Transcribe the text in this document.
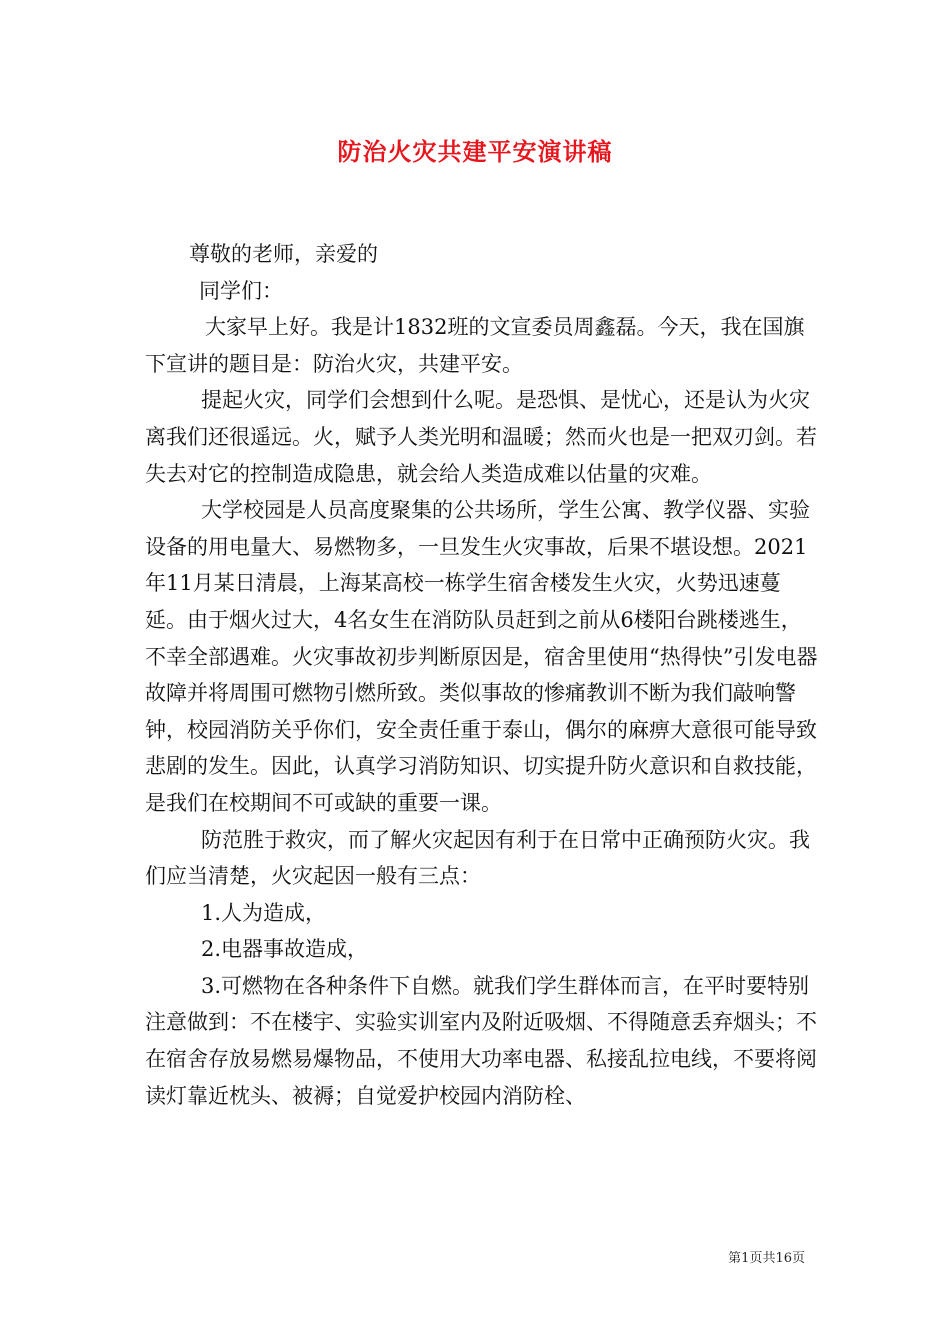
防治火灾共建平安演讲稿

尊敬的老师，亲爱的

同学们：

大家早上好。我是计1832班的文宣委员周鑫磊。今天，我在国旗下宣讲的题目是：防治火灾，共建平安。

提起火灾，同学们会想到什么呢。是恐惧、是忧心，还是认为火灾离我们还很遥远。火，赋予人类光明和温暖；然而火也是一把双刃剑。若失去对它的控制造成隐患，就会给人类造成难以估量的灾难。

大学校园是人员高度聚集的公共场所，学生公寓、教学仪器、实验设备的用电量大、易燃物多，一旦发生火灾事故，后果不堪设想。2021年11月某日清晨，上海某高校一栋学生宿舍楼发生火灾，火势迅速蔓延。由于烟火过大，4名女生在消防队员赶到之前从6楼阳台跳楼逃生，不幸全部遇难。火灾事故初步判断原因是，宿舍里使用“热得快”引发电器故障并将周围可燃物引燃所致。类似事故的惨痛教训不断为我们敲响警钟，校园消防关乎你们，安全责任重于泰山，偶尔的麻痹大意很可能导致悲剧的发生。因此，认真学习消防知识、切实提升防火意识和自救技能，是我们在校期间不可或缺的重要一课。

防范胜于救灾，而了解火灾起因有利于在日常中正确预防火灾。我们应当清楚，火灾起因一般有三点：

1.人为造成，

2.电器事故造成，

3.可燃物在各种条件下自燃。就我们学生群体而言，在平时要特别注意做到：不在楼宇、实验实训室内及附近吸烟、不得随意丢弃烟头；不在宿舍存放易燃易爆物品，不使用大功率电器、私接乱拉电线，不要将阅读灯靠近枕头、被褥；自觉爱护校园内消防栓、

第1页共16页
